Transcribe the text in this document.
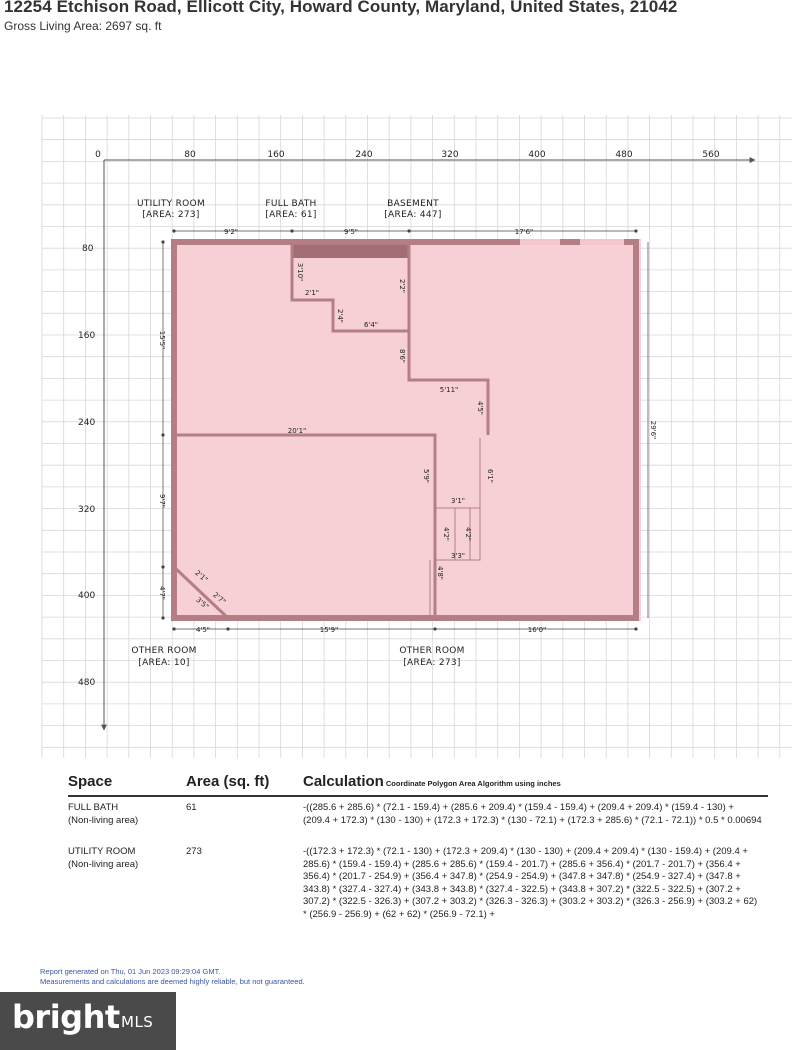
12254 Etchison Road, Ellicott City, Howard County, Maryland, United States, 21042
Gross Living Area: 2697 sq. ft
0	80	160	240	320	400	480	560
80
160
240
320
400
480
UTILITY ROOM
[AREA: 273]
FULL BATH
[AREA: 61]
BASEMENT
[AREA: 447]
OTHER ROOM
[AREA: 10]
OTHER ROOM
[AREA: 273]
9'2"	9'5"	17'6"
4'5"	15'9"	16'0"
15'5"
9'7"
4'7"
29'6"
3'10"
2'1"
2'4"
6'4"
2'2"
8'6"
5'11"
4'5"
20'1"
5'9"	6'1"
3'1"
3'3"
4'2" 4'2"
4'8"
2'1"
2'7"
3'5"
Space	Area (sq. ft) Calculation Coordinate Polygon Area Algorithm using inches
FULL BATH
(Non-living area)
61	-((285.6 + 285.6) * (72.1 - 159.4) + (285.6 + 209.4) * (159.4 - 159.4) + (209.4 + 209.4) * (159.4 - 130) + (209.4 + 172.3) * (130 - 130) + (172.3 + 172.3) * (130 - 72.1) + (172.3 + 285.6) * (72.1 - 72.1)) * 0.5 * 0.00694
UTILITY ROOM
(Non-living area)
273	-((172.3 + 172.3) * (72.1 - 130) + (172.3 + 209.4) * (130 - 130) + (209.4 + 209.4) * (130 - 159.4) + (209.4 + 285.6) * (159.4 - 159.4) + (285.6 + 285.6) * (159.4 - 201.7) + (285.6 + 356.4) * (201.7 - 201.7) + (356.4 + 356.4) * (201.7 - 254.9) + (356.4 + 347.8) * (254.9 - 254.9) + (347.8 + 347.8) * (254.9 - 327.4) + (347.8 + 343.8) * (327.4 - 327.4) + (343.8 + 343.8) * (327.4 - 322.5) + (343.8 + 307.2) * (322.5 - 322.5) + (307.2 + 307.2) * (322.5 - 326.3) + (307.2 + 303.2) * (326.3 - 326.3) + (303.2 + 303.2) * (326.3 - 256.9) + (303.2 + 62) * (256.9 - 256.9) + (62 + 62) * (256.9 - 72.1) +
Report generated on Thu, 01 Jun 2023 09:29:04 GMT.
Measurements and calculations are deemed highly reliable, but not guaranteed.
bright MLS
